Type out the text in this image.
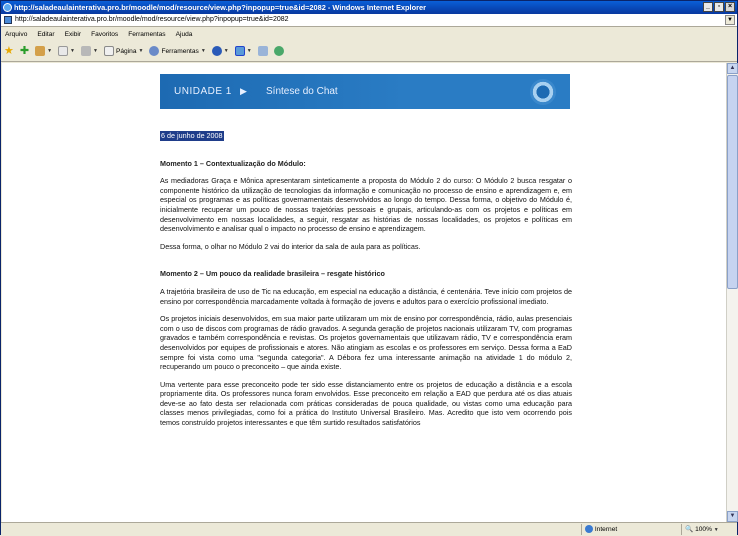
http://saladeaulainterativa.pro.br/moodle/mod/resource/view.php?inpopup=true&id=2082 - Windows Internet Explorer	_	▫	×
http://saladeaulainterativa.pro.br/moodle/mod/resource/view.php?inpopup=true&id=2082	▼
Arquivo Editar Exibir Favoritos Ferramentas Ajuda
★ ✚	▼	▼	▼	Página ▼	Ferramentas ▼	▼	▼
UNIDADE 1 ▶ Síntese do Chat
6 de junho de 2008
Momento 1 – Contextualização do Módulo:
As mediadoras Graça e Mônica apresentaram sinteticamente a proposta do Módulo 2 do curso: O Módulo 2 busca resgatar o componente histórico da utilização de tecnologias da informação e comunicação no processo de ensino e aprendizagem e, em especial os programas e as políticas governamentais desenvolvidos ao longo do tempo. Dessa forma, o objetivo do Módulo é, inicialmente recuperar um pouco de nossas trajetórias pessoais e grupais, articulando-as com os projetos e políticas em desenvolvimento em nossas localidades, a seguir, resgatar as histórias de nossas localidades, os projetos e políticas em desenvolvimento e analisar qual o impacto no processo de ensino e aprendizagem.
Dessa forma, o olhar no Módulo 2 vai do interior da sala de aula para as políticas.
Momento 2 – Um pouco da realidade brasileira – resgate histórico
A trajetória brasileira de uso de Tic na educação, em especial na educação a distância, é centenária. Teve início com projetos de ensino por correspondência marcadamente voltada à formação de jovens e adultos para o exercício profissional imediato.
Os projetos iniciais desenvolvidos, em sua maior parte utilizaram um mix de ensino por correspondência, rádio, aulas presenciais com o uso de discos com programas de rádio gravados. A segunda geração de projetos nacionais utilizaram TV, com programas gravados e também correspondência e revistas. Os projetos governamentais que utilizavam rádio, TV e correspondência eram desenvolvidos por equipes de profissionais e atores. Não atingiam as escolas e os professores em serviço. Dessa forma a EaD sempre foi vista como uma "segunda categoria". A Débora fez uma interessante animação na atividade 1 do módulo 2, recuperando um pouco o preconceito – que ainda existe.
Uma vertente para esse preconceito pode ter sido esse distanciamento entre os projetos de educação a distância e a escola propriamente dita. Os professores nunca foram envolvidos. Esse preconceito em relação a EAD que perdura até os dias atuais deve-se ao fato desta ser relacionada com práticas consideradas de pouca qualidade, ou vistas como uma educação para classes menos privilegiadas, como foi a prática do Instituto Universal Brasileiro. Mas. Acredito que isto vem ocorrendo pois temos construído projetos interessantes e que têm surtido resultados satisfatórios
▲
▼
Internet	🔍 100% ▼
